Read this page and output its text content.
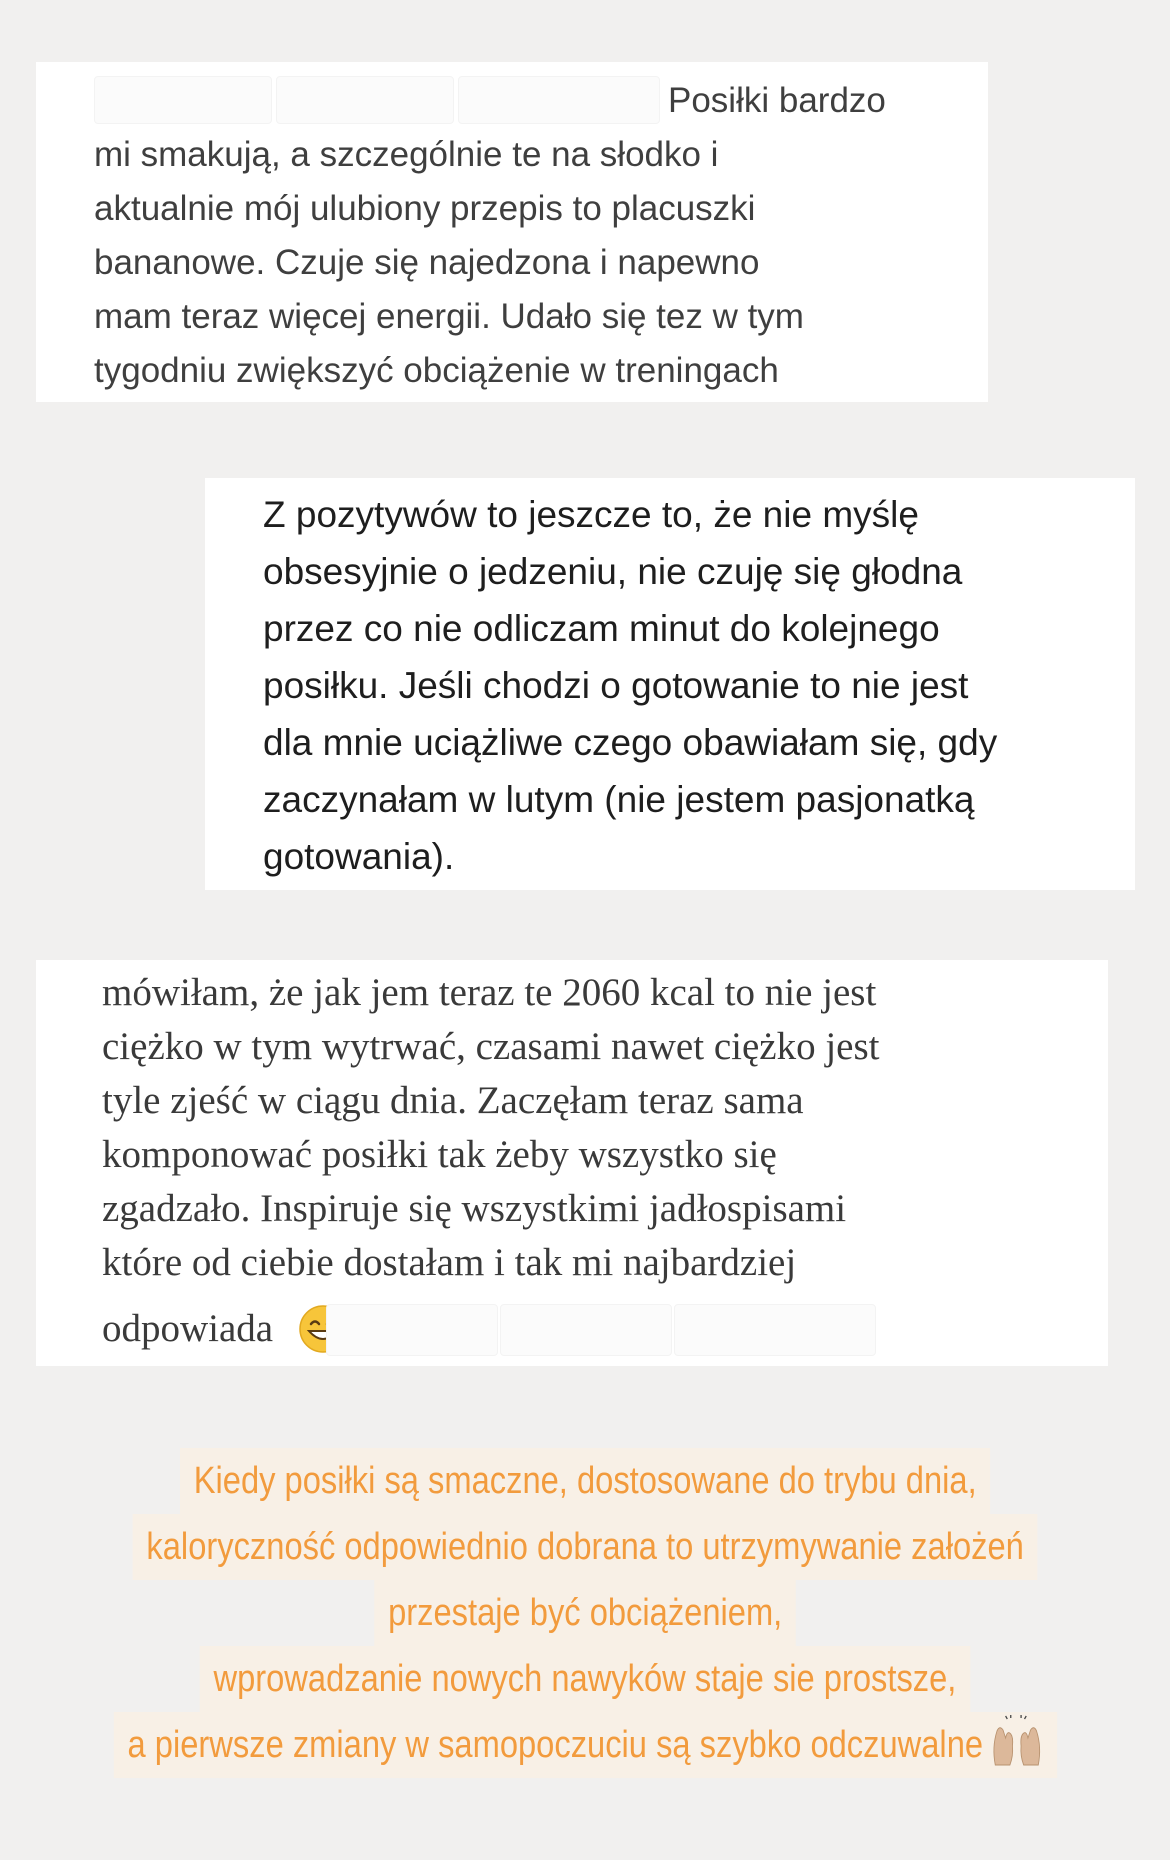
Posiłki bardzo
mi smakują, a szczególnie te na słodko i
aktualnie mój ulubiony przepis to placuszki
bananowe. Czuje się najedzona i napewno
mam teraz więcej energii. Udało się tez w tym
tygodniu zwiększyć obciążenie w treningach
Z pozytywów to jeszcze to, że nie myślę
obsesyjnie o jedzeniu, nie czuję się głodna
przez co nie odliczam minut do kolejnego
posiłku. Jeśli chodzi o gotowanie to nie jest
dla mnie uciążliwe czego obawiałam się, gdy
zaczynałam w lutym (nie jestem pasjonatką
gotowania).
mówiłam, że jak jem teraz te 2060 kcal to nie jest
ciężko w tym wytrwać, czasami nawet ciężko jest
tyle zjeść w ciągu dnia. Zaczęłam teraz sama
komponować posiłki tak żeby wszystko się
zgadzało. Inspiruje się wszystkimi jadłospisami
które od ciebie dostałam i tak mi najbardziej
odpowiada
Kiedy posiłki są smaczne, dostosowane do trybu dnia,
kaloryczność odpowiednio dobrana to utrzymywanie założeń
przestaje być obciążeniem,
wprowadzanie nowych nawyków staje sie prostsze,
a pierwsze zmiany w samopoczuciu są szybko odczuwalne
